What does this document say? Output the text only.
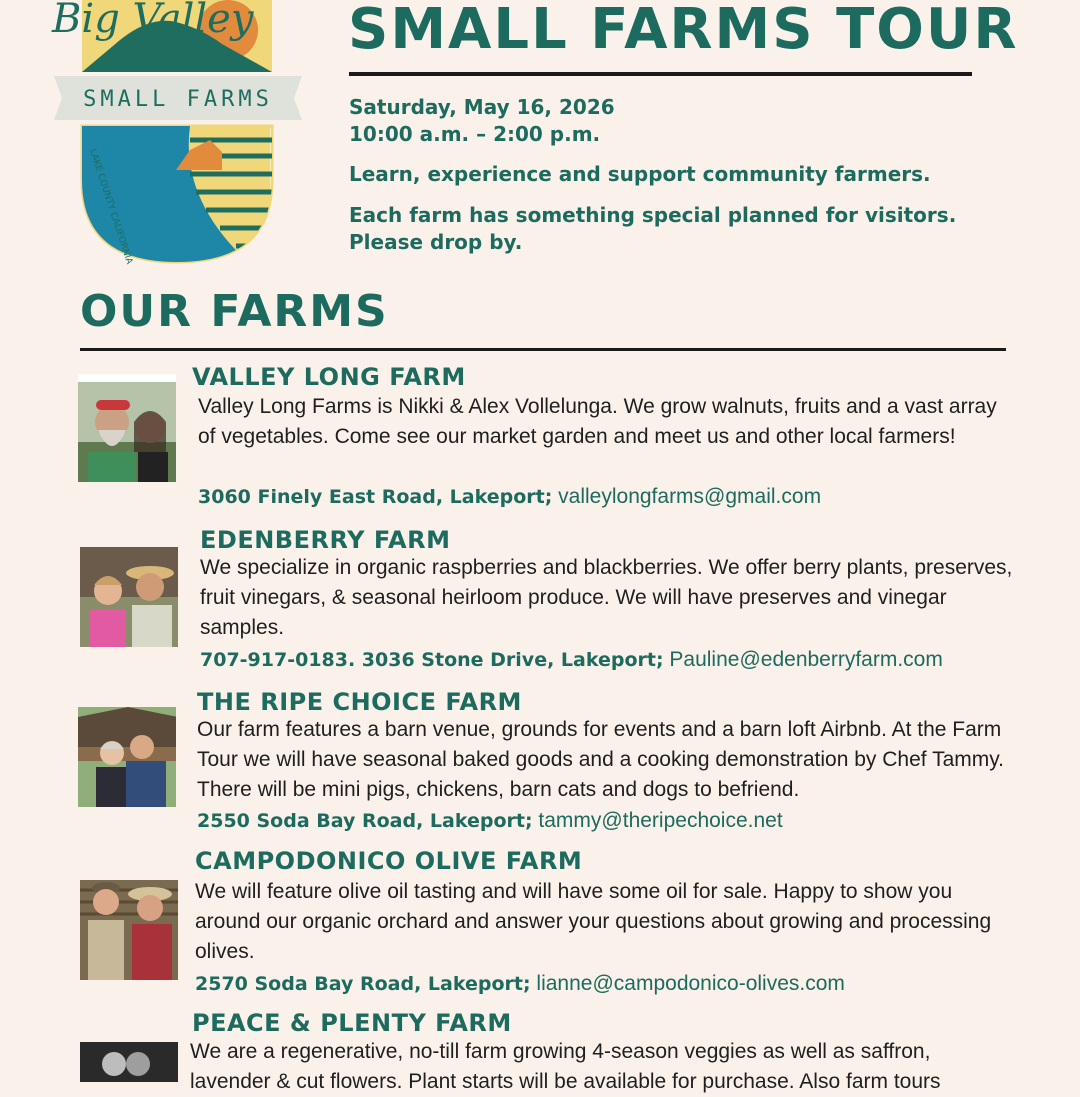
Big Valley
SMALL FARMS
LAKE COUNTY CALIFORNIA
SMALL FARMS TOUR

Saturday, May 16, 2026

10:00 a.m. – 2:00 p.m.

Learn, experience and support community farmers.

Each farm has something special planned for visitors.

Please drop by.

OUR FARMS
VALLEY LONG FARM

Valley Long Farms is Nikki & Alex Vollelunga. We grow walnuts, fruits and a vast array of vegetables. Come see our market garden and meet us and other local farmers!

3060 Finely East Road, Lakeport; valleylongfarms@gmail.com

EDENBERRY FARM

We specialize in organic raspberries and blackberries. We offer berry plants, preserves, fruit vinegars, & seasonal heirloom produce. We will have preserves and vinegar samples.

707-917-0183. 3036 Stone Drive, Lakeport; Pauline@edenberryfarm.com

THE RIPE CHOICE FARM

Our farm features a barn venue, grounds for events and a barn loft Airbnb. At the Farm Tour we will have seasonal baked goods and a cooking demonstration by Chef Tammy. There will be mini pigs, chickens, barn cats and dogs to befriend.

2550 Soda Bay Road, Lakeport; tammy@theripechoice.net

CAMPODONICO OLIVE FARM

We will feature olive oil tasting and will have some oil for sale. Happy to show you around our organic orchard and answer your questions about growing and processing olives.

2570 Soda Bay Road, Lakeport; lianne@campodonico-olives.com

PEACE & PLENTY FARM

We are a regenerative, no-till farm growing 4-season veggies as well as saffron, lavender & cut flowers. Plant starts will be available for purchase. Also farm tours
